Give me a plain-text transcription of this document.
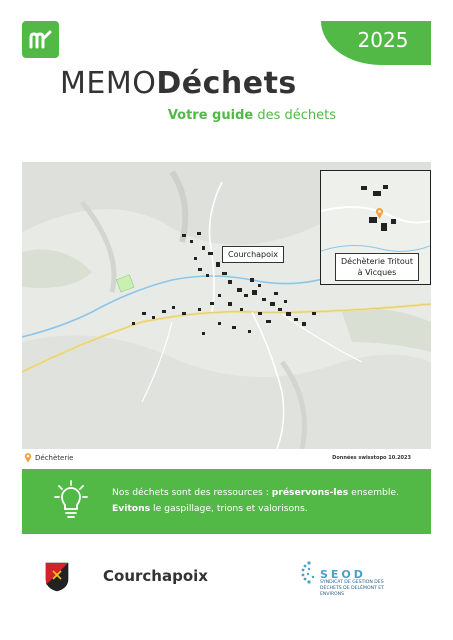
2025
MEMODéchets
Votre guide des déchets
Courchapoix
Déchèterie Tritout
à Vicques
Déchèterie	Données swisstopo 10.2023
Nos déchets sont des ressources : préservons-les ensemble.
Evitons le gaspillage, trions et valorisons.
Courchapoix	SEOD
SYNDICAT DE GESTION DES DÉCHETS DE DELÉMONT ET ENVIRONS
